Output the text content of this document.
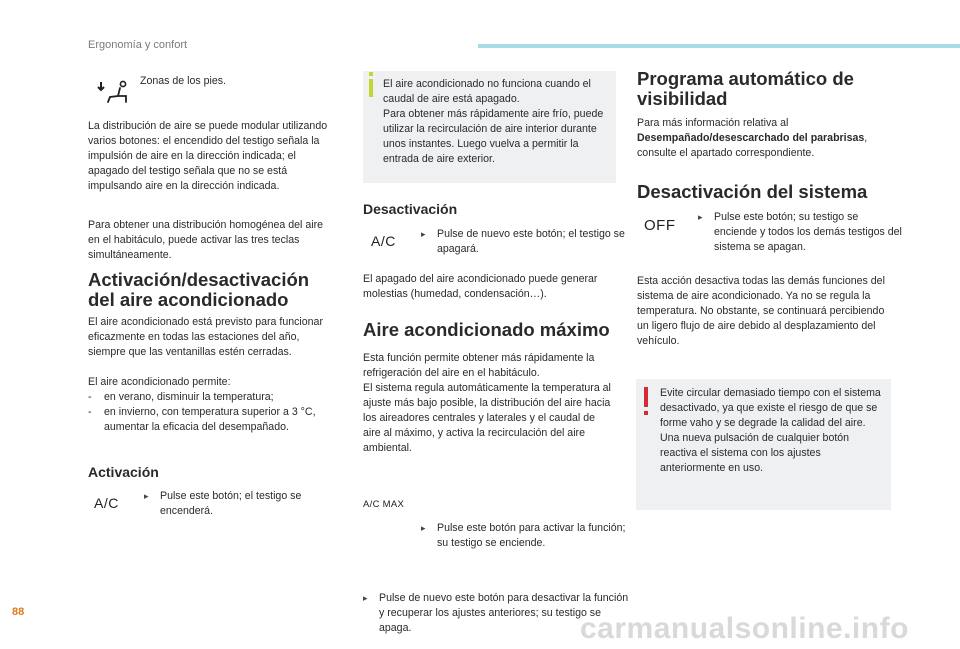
Ergonomía y confort

Zonas de los pies.

La distribución de aire se puede modular utilizando varios botones: el encendido del testigo señala la impulsión de aire en la dirección indicada; el apagado del testigo señala que no se está impulsando aire en la dirección indicada.

Para obtener una distribución homogénea del aire en el habitáculo, puede activar las tres teclas simultáneamente.

Activación/desactivación del aire acondicionado

El aire acondicionado está previsto para funcionar eficazmente en todas las estaciones del año, siempre que las ventanillas estén cerradas.

El aire acondicionado permite:

- en verano, disminuir la temperatura;
- en invierno, con temperatura superior a 3 °C, aumentar la eficacia del desempañado.
Activación
A/C	▸ Pulse este botón; el testigo se encenderá.

El aire acondicionado no funciona cuando el caudal de aire está apagado.
Para obtener más rápidamente aire frío, puede utilizar la recirculación de aire interior durante unos instantes. Luego vuelva a permitir la entrada de aire exterior.

Desactivación
A/C	▸ Pulse de nuevo este botón; el testigo se apagará.

El apagado del aire acondicionado puede generar molestias (humedad, condensación…).

Aire acondicionado máximo

Esta función permite obtener más rápidamente la refrigeración del aire en el habitáculo.
El sistema regula automáticamente la temperatura al ajuste más bajo posible, la distribución del aire hacia los aireadores centrales y laterales y el caudal de aire al máximo, y activa la recirculación del aire ambiental.

A/C MAX

▸ Pulse este botón para activar la función; su testigo se enciende.

▸ Pulse de nuevo este botón para desactivar la función y recuperar los ajustes anteriores; su testigo se apaga.

Programa automático de visibilidad

Para más información relativa al Desempañado/desescarchado del parabrisas, consulte el apartado correspondiente.

Desactivación del sistema
OFF	▸ Pulse este botón; su testigo se enciende y todos los demás testigos del sistema se apagan.

Esta acción desactiva todas las demás funciones del sistema de aire acondicionado. Ya no se regula la temperatura. No obstante, se continuará percibiendo un ligero flujo de aire debido al desplazamiento del vehículo.

Evite circular demasiado tiempo con el sistema desactivado, ya que existe el riesgo de que se forme vaho y se degrade la calidad del aire.
Una nueva pulsación de cualquier botón reactiva el sistema con los ajustes anteriormente en uso.

88	carmanualsonline.info
